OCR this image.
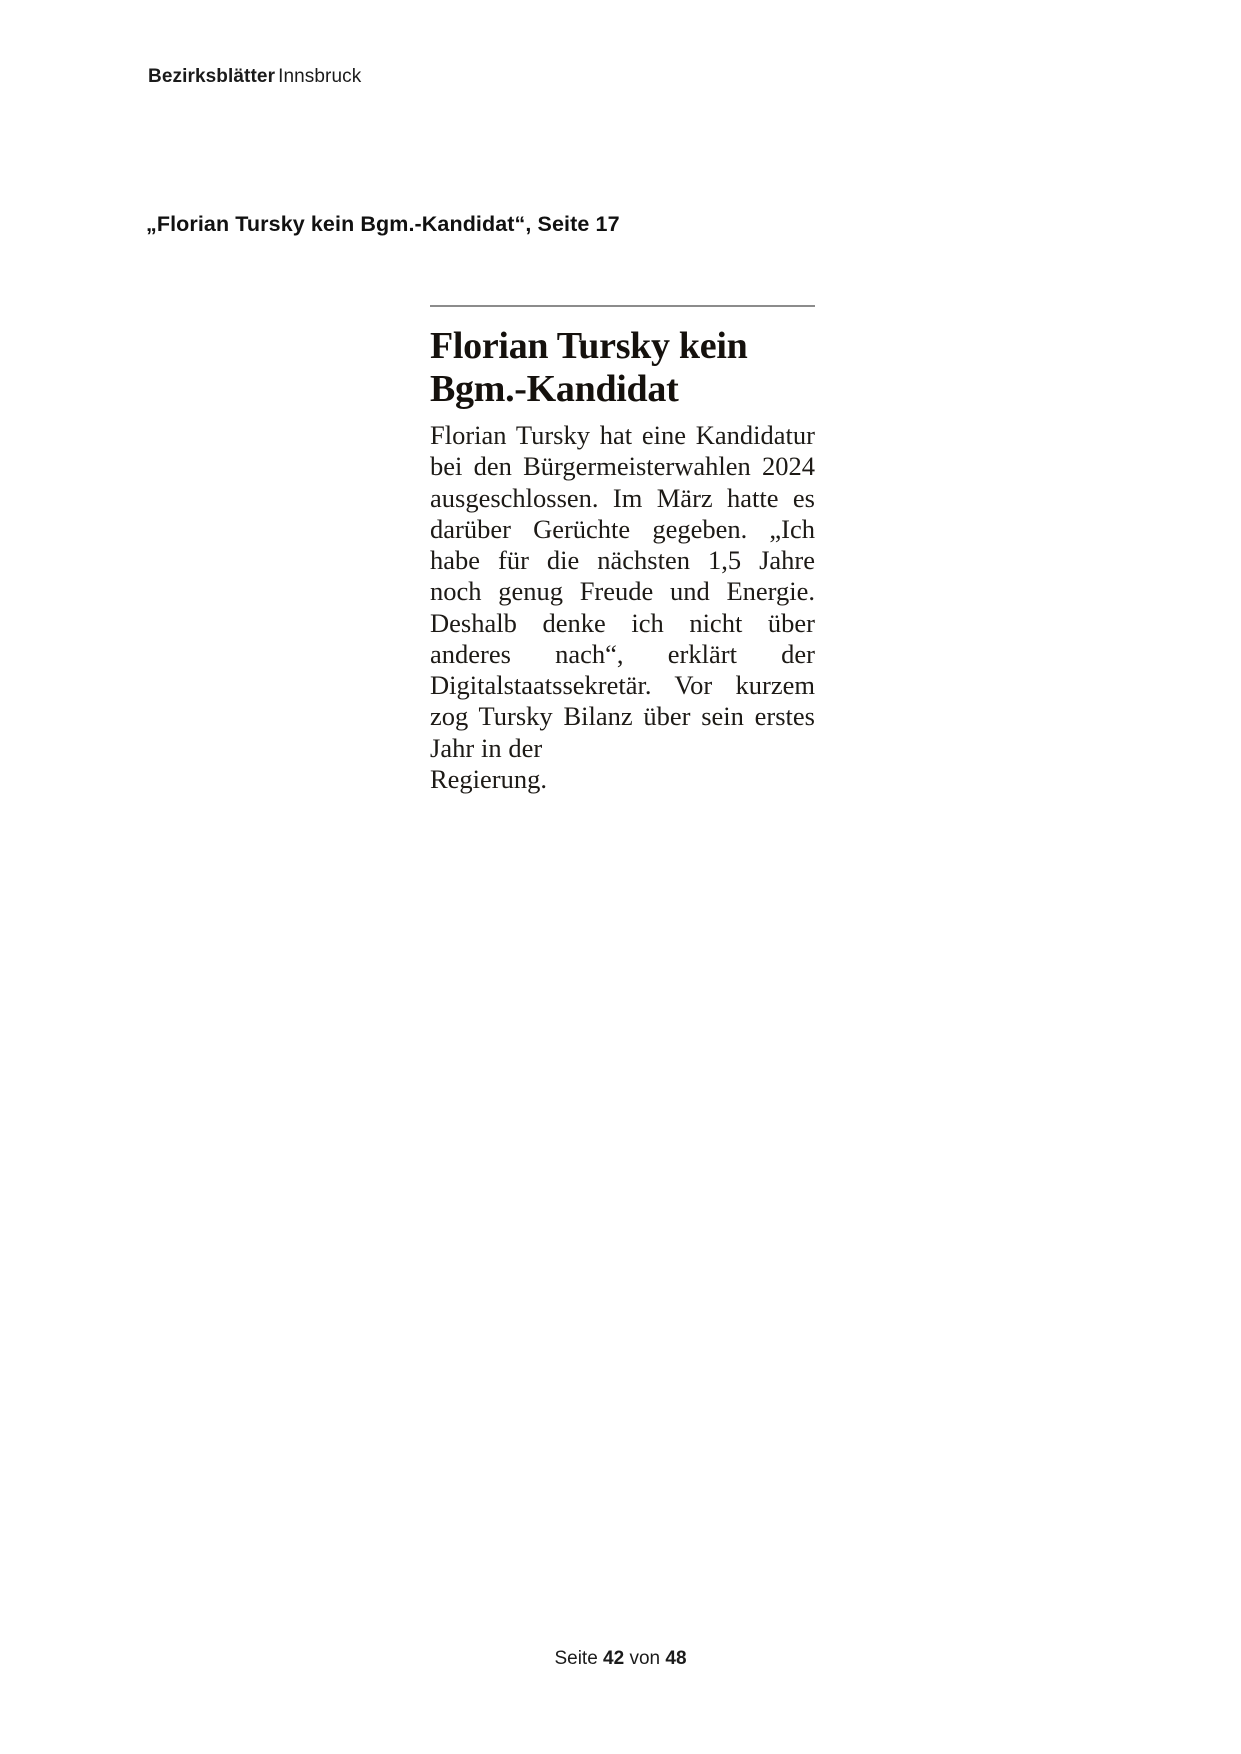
Bezirksblätter Innsbruck
„Florian Tursky kein Bgm.-Kandidat“, Seite 17
Florian Tursky kein
Bgm.-Kandidat
Florian Tursky hat eine Kandidatur bei den Bürgermeisterwahlen 2024 ausgeschlossen. Im März hatte es darüber Gerüchte gegeben. „Ich habe für die nächsten 1,5 Jahre noch genug Freude und Energie. Deshalb denke ich nicht über anderes nach“, erklärt der Digitalstaatssekretär. Vor kurzem zog Tursky Bilanz über sein erstes Jahr in der
Regierung.
Seite 42 von 48
